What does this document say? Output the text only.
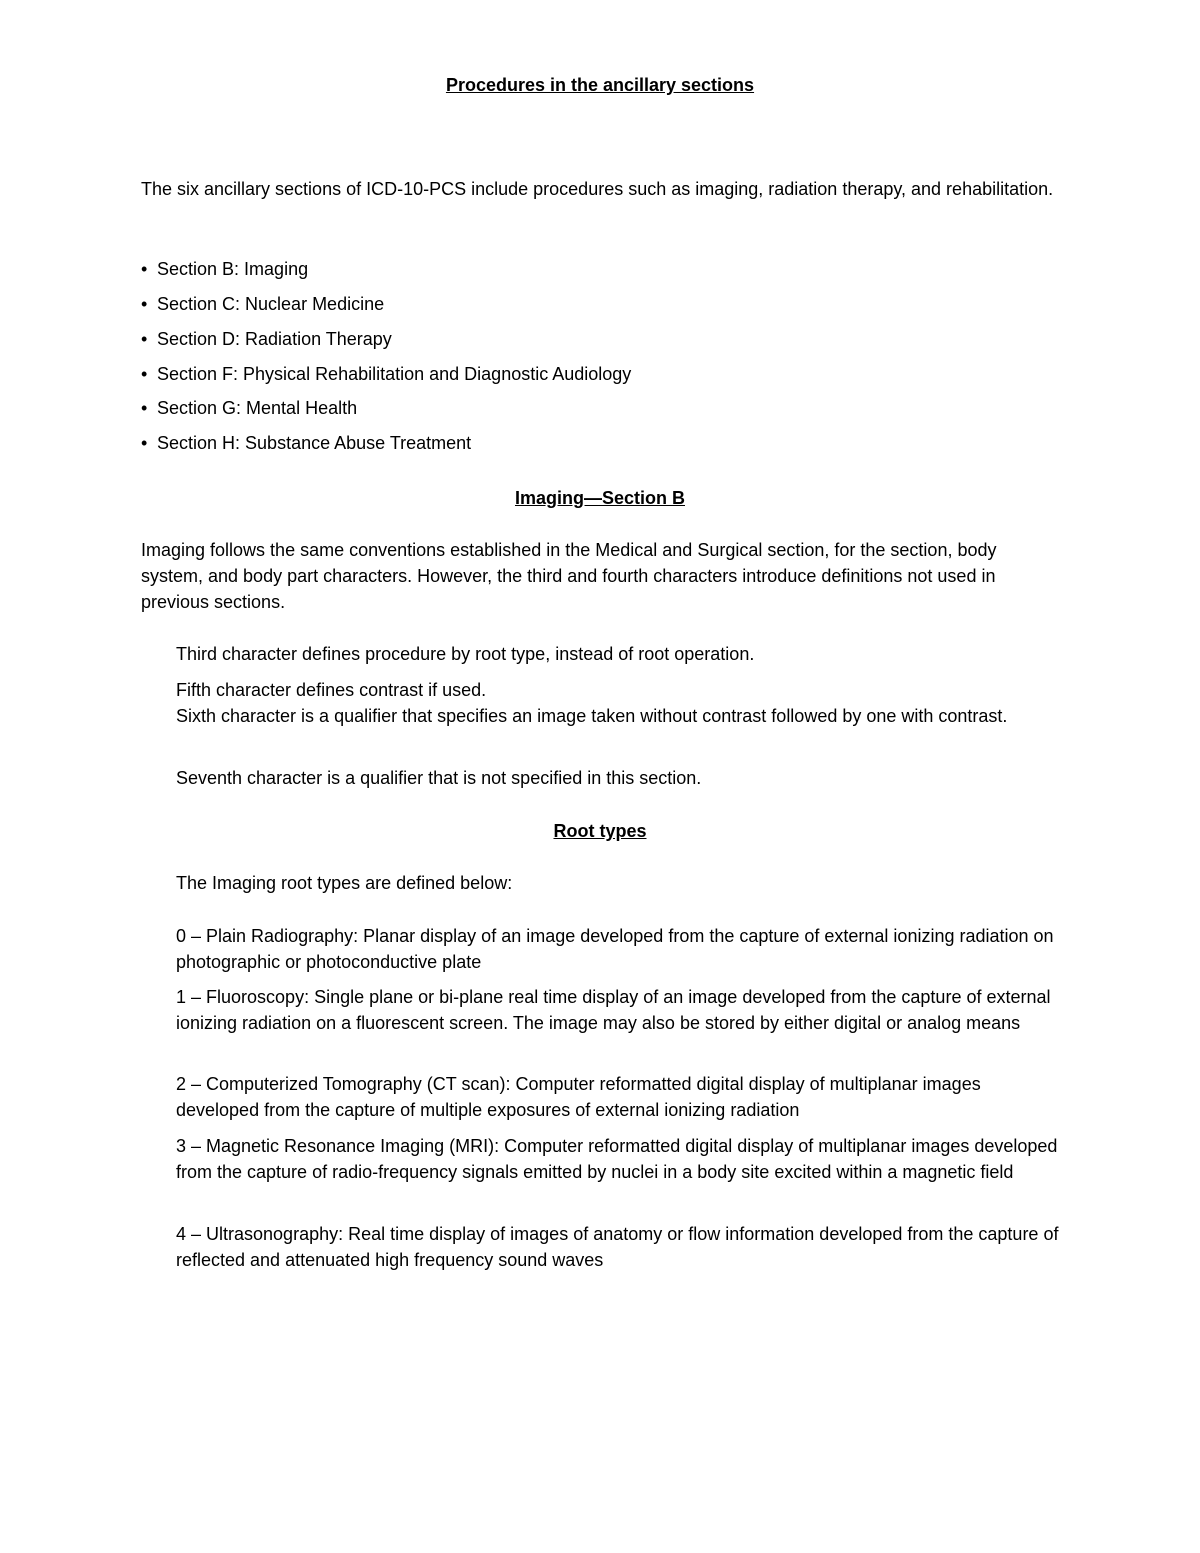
Procedures in the ancillary sections

The six ancillary sections of ICD-10-PCS include procedures such as imaging, radiation therapy, and rehabilitation.

• Section B: Imaging
• Section C: Nuclear Medicine
• Section D: Radiation Therapy
• Section F: Physical Rehabilitation and Diagnostic Audiology
• Section G: Mental Health
• Section H: Substance Abuse Treatment
Imaging—Section B

Imaging follows the same conventions established in the Medical and Surgical section, for the section, body system, and body part characters. However, the third and fourth characters introduce definitions not used in previous sections.

Third character defines procedure by root type, instead of root operation.

Fifth character defines contrast if used.

Sixth character is a qualifier that specifies an image taken without contrast followed by one with contrast.

Seventh character is a qualifier that is not specified in this section.

Root types

The Imaging root types are defined below:

0 – Plain Radiography: Planar display of an image developed from the capture of external ionizing radiation on photographic or photoconductive plate

1 – Fluoroscopy: Single plane or bi-plane real time display of an image developed from the capture of external ionizing radiation on a fluorescent screen. The image may also be stored by either digital or analog means

2 – Computerized Tomography (CT scan): Computer reformatted digital display of multiplanar images developed from the capture of multiple exposures of external ionizing radiation

3 – Magnetic Resonance Imaging (MRI): Computer reformatted digital display of multiplanar images developed from the capture of radio-frequency signals emitted by nuclei in a body site excited within a magnetic field

4 – Ultrasonography: Real time display of images of anatomy or flow information developed from the capture of reflected and attenuated high frequency sound waves
